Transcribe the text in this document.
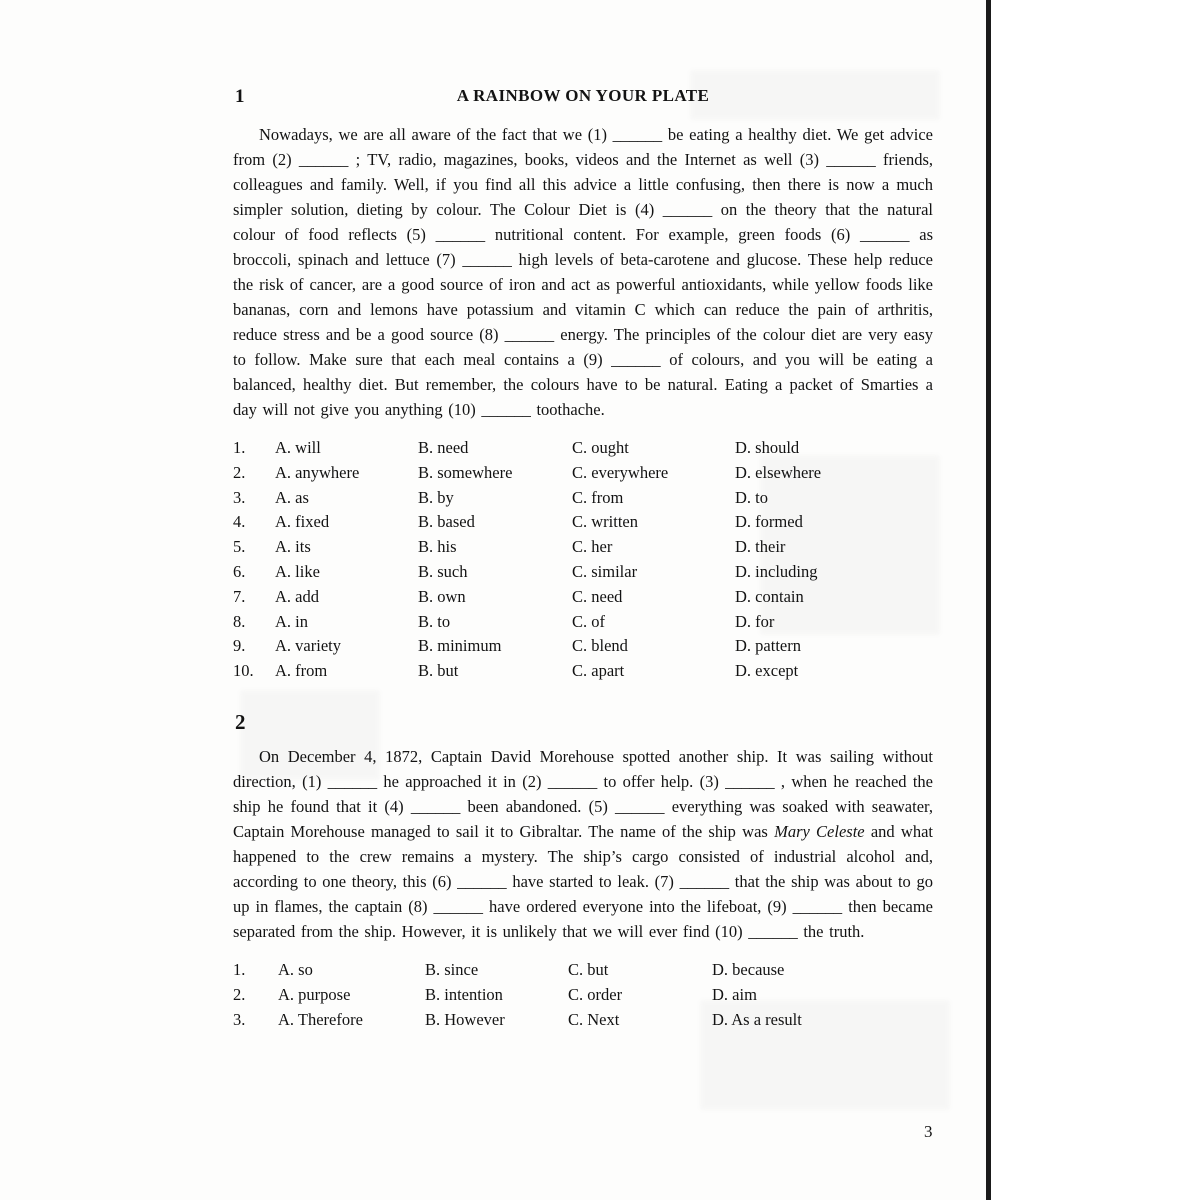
1	A RAINBOW ON YOUR PLATE
Nowadays, we are all aware of the fact that we (1) ______ be eating a healthy diet. We get advice from (2) ______ ; TV, radio, magazines, books, videos and the Internet as well (3) ______ friends, colleagues and family. Well, if you find all this advice a little confusing, then there is now a much simpler solution, dieting by colour. The Colour Diet is (4) ______ on the theory that the natural colour of food reflects (5) ______ nutritional content. For example, green foods (6) ______ as broccoli, spinach and lettuce (7) ______ high levels of beta-carotene and glucose. These help reduce the risk of cancer, are a good source of iron and act as powerful antioxidants, while yellow foods like bananas, corn and lemons have potassium and vitamin C which can reduce the pain of arthritis, reduce stress and be a good source (8) ______ energy. The principles of the colour diet are very easy to follow. Make sure that each meal contains a (9) ______ of colours, and you will be eating a balanced, healthy diet. But remember, the colours have to be natural. Eating a packet of Smarties a day will not give you anything (10) ______ toothache.
1.	A. will	B. need	C. ought	D. should
2.	A. anywhere	B. somewhere	C. everywhere	D. elsewhere
3.	A. as	B. by	C. from	D. to
4.	A. fixed	B. based	C. written	D. formed
5.	A. its	B. his	C. her	D. their
6.	A. like	B. such	C. similar	D. including
7.	A. add	B. own	C. need	D. contain
8.	A. in	B. to	C. of	D. for
9.	A. variety	B. minimum	C. blend	D. pattern
10.	A. from	B. but	C. apart	D. except
2
On December 4, 1872, Captain David Morehouse spotted another ship. It was sailing without direction, (1) ______ he approached it in (2) ______ to offer help. (3) ______ , when he reached the ship he found that it (4) ______ been abandoned. (5) ______ everything was soaked with seawater, Captain Morehouse managed to sail it to Gibraltar. The name of the ship was Mary Celeste and what happened to the crew remains a mystery. The ship’s cargo consisted of industrial alcohol and, according to one theory, this (6) ______ have started to leak. (7) ______ that the ship was about to go up in flames, the captain (8) ______ have ordered everyone into the lifeboat, (9) ______ then became separated from the ship. However, it is unlikely that we will ever find (10) ______ the truth.
1.	A. so	B. since	C. but	D. because
2.	A. purpose	B. intention	C. order	D. aim
3.	A. Therefore	B. However	C. Next	D. As a result
3
